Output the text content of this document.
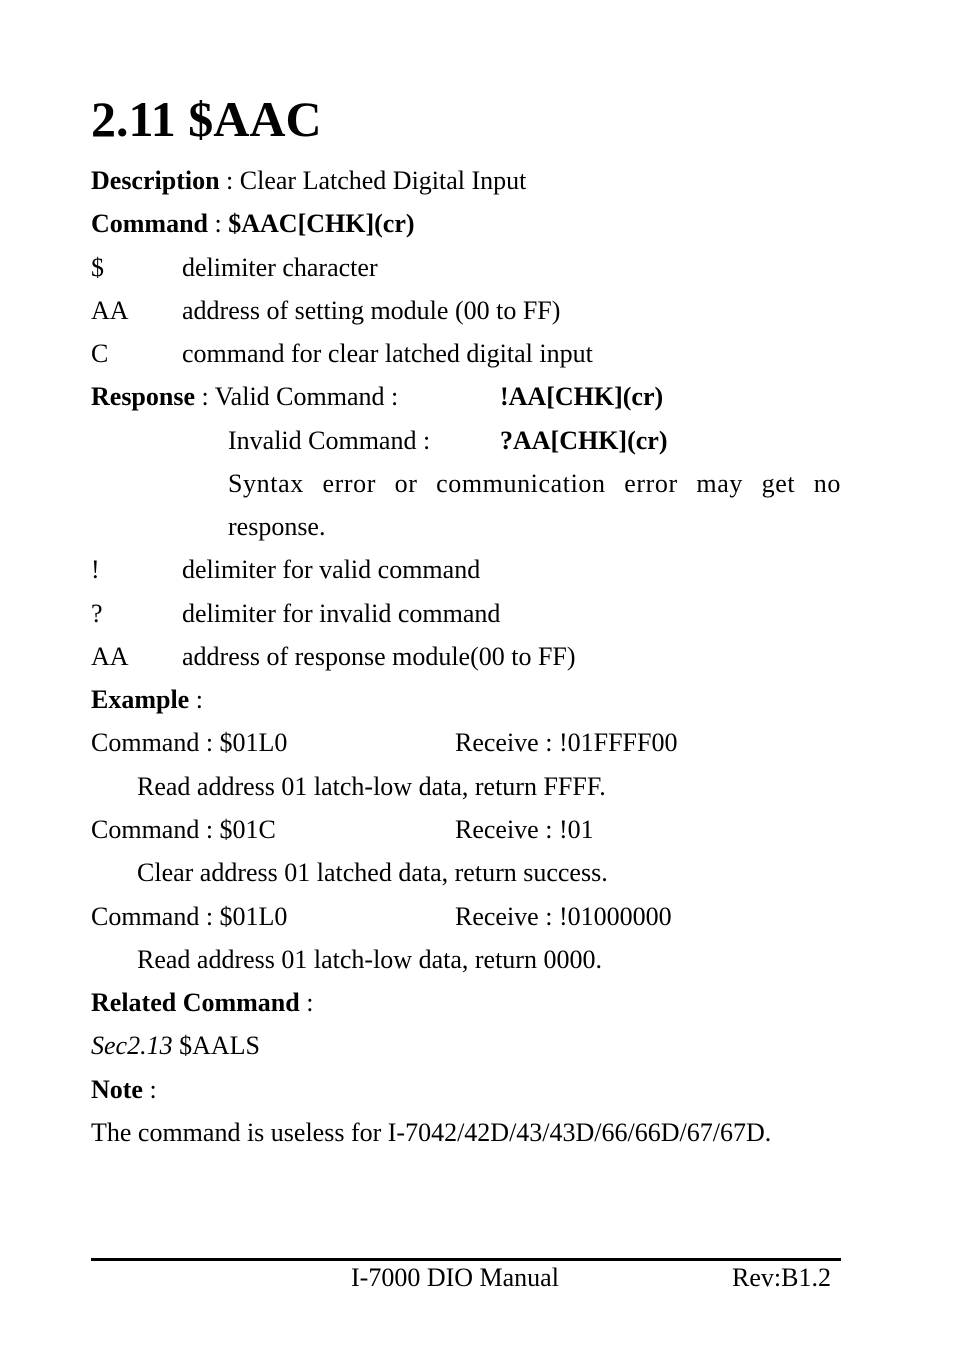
2.11 $AAC
Description : Clear Latched Digital Input
Command : $AAC[CHK](cr)
$	delimiter character
AA address of setting module (00 to FF)
C	command for clear latched digital input
Response : Valid Command :	!AA[CHK](cr)
Invalid Command :	?AA[CHK](cr)
Syntax error or communication error may get no
response.
!	delimiter for valid command
?	delimiter for invalid command
AA address of response module(00 to FF)
Example :
Command : $01L0	Receive : !01FFFF00
Read address 01 latch-low data, return FFFF.
Command : $01C	Receive : !01
Clear address 01 latched data, return success.
Command : $01L0	Receive : !01000000
Read address 01 latch-low data, return 0000.
Related Command :
Sec2.13 $AALS
Note :
The command is useless for I-7042/42D/43/43D/66/66D/67/67D.
I-7000 DIO Manual	Rev:B1.2
